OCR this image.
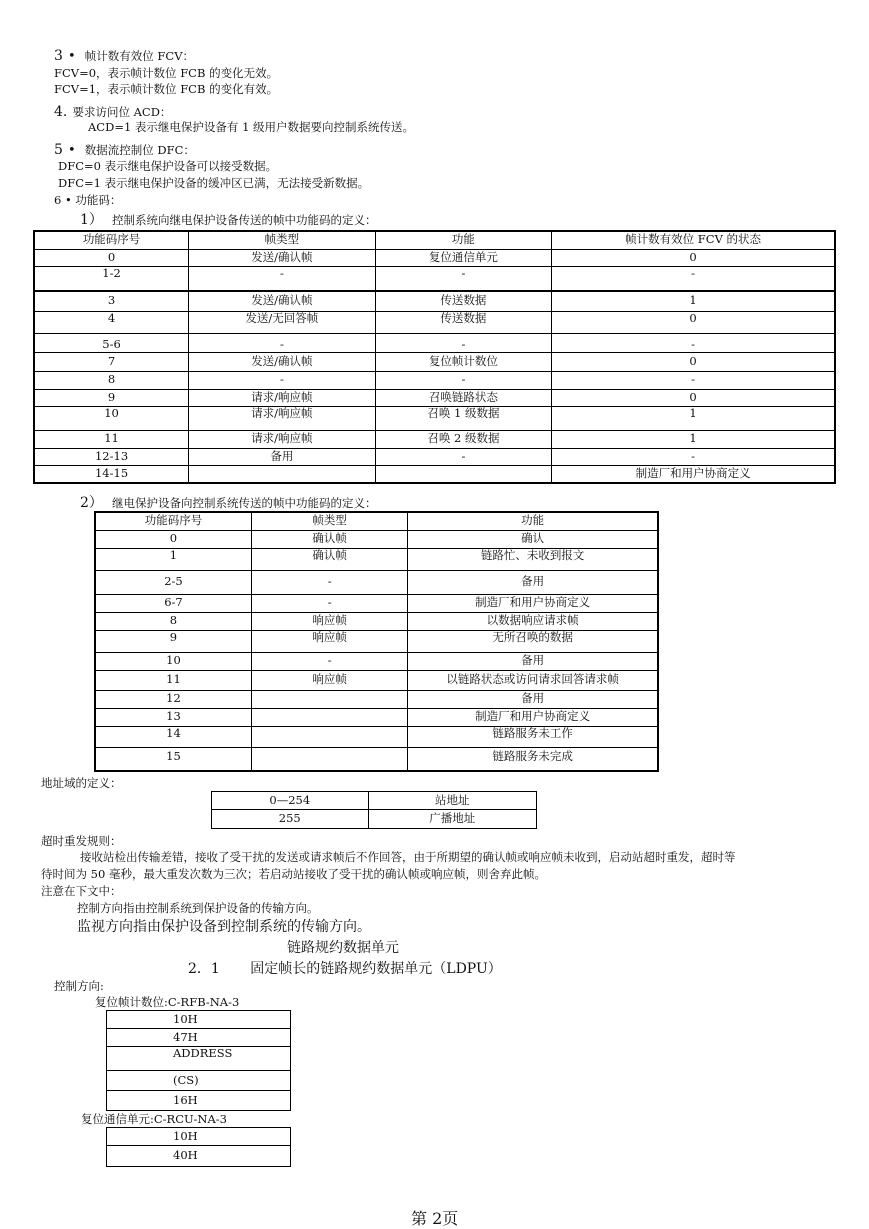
3 • 帧计数有效位 FCV：
FCV=0，表示帧计数位 FCB 的变化无效。
FCV=1，表示帧计数位 FCB 的变化有效。
4. 要求访问位 ACD：
ACD=1 表示继电保护设备有 1 级用户数据要向控制系统传送。
5 • 数据流控制位 DFC：
DFC=0 表示继电保护设备可以接受数据。
DFC=1 表示继电保护设备的缓冲区已满，无法接受新数据。
6 • 功能码：
1） 控制系统向继电保护设备传送的帧中功能码的定义：
功能码序号	帧类型	功能	帧计数有效位 FCV 的状态
0	发送/确认帧	复位通信单元	0
1-2	-	-	-
3	发送/确认帧	传送数据	1
4	发送/无回答帧	传送数据	0
5-6	-	-	-
7	发送/确认帧	复位帧计数位	0
8	-	-	-
9	请求/响应帧	召唤链路状态	0
10	请求/响应帧	召唤 1 级数据	1
11	请求/响应帧	召唤 2 级数据	1
12-13	备用	-	-
14-15			制造厂和用户协商定义
2） 继电保护设备向控制系统传送的帧中功能码的定义：
功能码序号	帧类型	功能
0	确认帧	确认
1	确认帧	链路忙、未收到报文
2-5	-	备用
6-7	-	制造厂和用户协商定义
8	响应帧	以数据响应请求帧
9	响应帧	无所召唤的数据
10	-	备用
11	响应帧	以链路状态或访问请求回答请求帧
12		备用
13		制造厂和用户协商定义
14		链路服务未工作
15		链路服务未完成
地址域的定义：
0—254	站地址
255	广播地址
超时重发规则：
接收站检出传输差错，接收了受干扰的发送或请求帧后不作回答，由于所期望的确认帧或响应帧未收到，启动站超时重发，超时等
待时间为 50 毫秒，最大重发次数为三次；若启动站接收了受干扰的确认帧或响应帧，则舍弃此帧。
注意在下文中：
控制方向指由控制系统到保护设备的传输方向。
监视方向指由保护设备到控制系统的传输方向。
链路规约数据单元
2．1 固定帧长的链路规约数据单元（LDPU）
控制方向:
复位帧计数位:C-RFB-NA-3
10H
47H
ADDRESS
(CS)
16H
复位通信单元:C-RCU-NA-3
10H
40H
第 2页
